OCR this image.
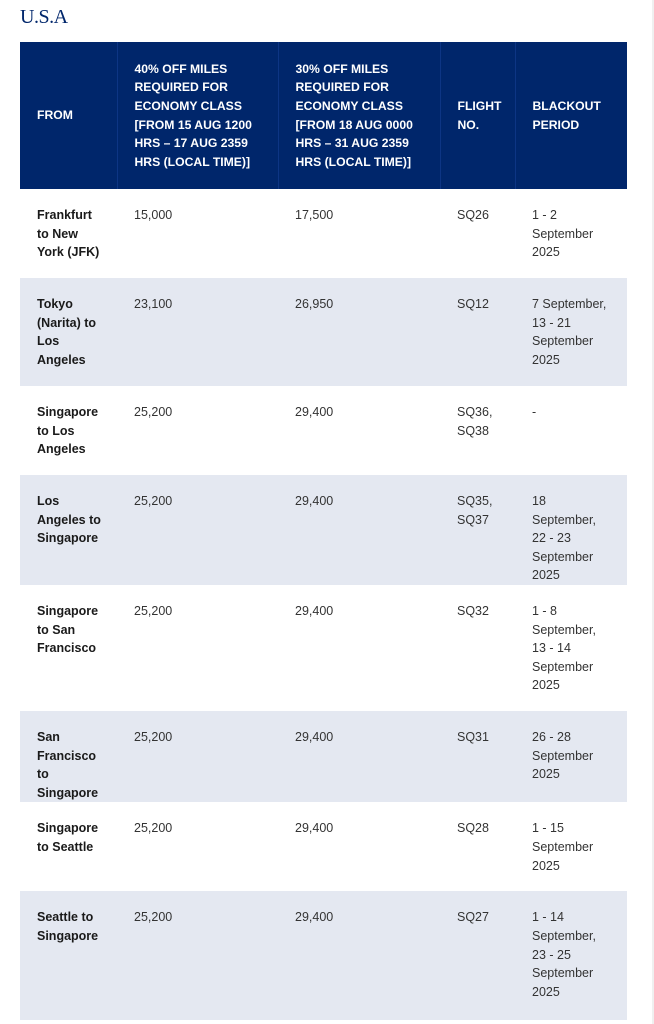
U.S.A
FROM	40% OFF MILES REQUIRED FOR ECONOMY CLASS [FROM 15 AUG 1200 HRS – 17 AUG 2359 HRS (LOCAL TIME)]	30% OFF MILES REQUIRED FOR ECONOMY CLASS [FROM 18 AUG 0000 HRS – 31 AUG 2359 HRS (LOCAL TIME)]	FLIGHT NO.	BLACKOUT PERIOD
Frankfurt to New York (JFK)	15,000	17,500	SQ26	1 - 2 September 2025
Tokyo (Narita) to Los Angeles	23,100	26,950	SQ12	7 September, 13 - 21 September 2025
Singapore to Los Angeles	25,200	29,400	SQ36, SQ38	-
Los Angeles to Singapore	25,200	29,400	SQ35, SQ37	18 September, 22 - 23 September 2025
Singapore to San Francisco	25,200	29,400	SQ32	1 - 8 September, 13 - 14 September 2025
San Francisco to Singapore	25,200	29,400	SQ31	26 - 28 September 2025
Singapore to Seattle	25,200	29,400	SQ28	1 - 15 September 2025
Seattle to Singapore	25,200	29,400	SQ27	1 - 14 September, 23 - 25 September 2025
